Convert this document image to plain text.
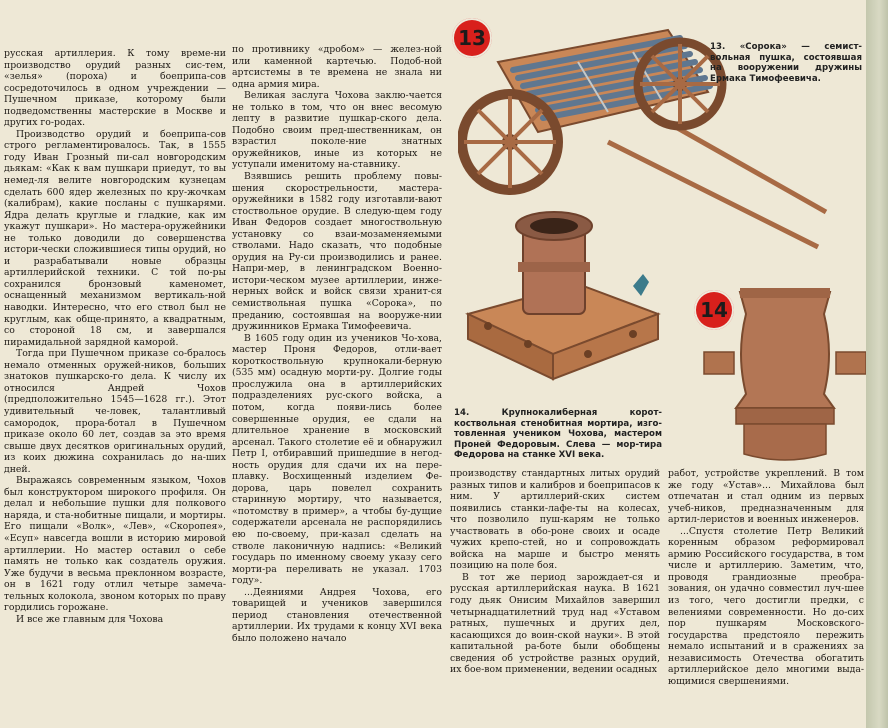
русская артиллерия. К тому време-ни производство орудий разных сис-тем, «зелья» (пороха) и боеприпа-сов сосредоточилось в одном учреждении — Пушечном приказе, которому были подведомственны мастерские в Москве и других го-родах.

Производство орудий и боеприпа-сов строго регламентировалось. Так, в 1555 году Иван Грозный пи-сал новгородским дьякам: «Как к вам пушкари приедут, то вы немед-ля велите новгородским кузнецам сделать 600 ядер железных по кру-жочкам (калибрам), какие посланы с пушкарями. Ядра делать круглые и гладкие, как им укажут пушкари». Но мастера-оружейники не только доводили до совершенства истори-чески сложившиеся типы орудий, но и разрабатывали новые образцы артиллерийской техники. С той по-ры сохранился бронзовый каменомет, оснащенный механизмом вертикаль-ной наводки. Интересно, что его ствол был не круглым, как обще-принято, а квадратным, со стороной 18 см, и завершался пирамидальной зарядной каморой.

Тогда при Пушечном приказе со-бралось немало отменных оружей-ников, больших знатоков пушкарско-го дела. К числу их относился Андрей Чохов (предположительно 1545—1628 гг.). Этот удивительный че-ловек, талантливый самородок, прора-ботал в Пушечном приказе около 60 лет, создав за это время свыше двух десятков оригинальных орудий, из коих дюжина сохранилась до на-ших дней.

Выражаясь современным языком, Чохов был конструктором широкого профиля. Он делал и небольшие пушки для полкового наряда, и ста-нобитные пищали, и мортиры. Его пищали «Волк», «Лев», «Скоропея», «Есуп» навсегда вошли в историю мировой артиллерии. Но мастер оставил о себе память не только как создатель оружия. Уже будучи в весьма преклонном возрасте, он в 1621 году отлил четыре замеча-тельных колокола, звоном которых по праву гордились горожане.

И все же главным для Чохова

по противнику «дробом» — желез-ной или каменной картечью. Подоб-ной артсистемы в те времена не знала ни одна армия мира.

Великая заслуга Чохова заклю-чается не только в том, что он внес весомую лепту в развитие пушкар-ского дела. Подобно своим пред-шественникам, он взрастил поколе-ние знатных оружейников, иные из которых не уступали именитому на-ставнику.

Взявшись решить проблему повы-шения скорострельности, мастера-оружейники в 1582 году изготавли-вают стоствольное орудие. В следую-щем году Иван Федоров создает многоствольную установку со взаи-мозаменяемыми стволами. Надо сказать, что подобные орудия на Ру-си производились и ранее. Напри-мер, в ленинградском Военно-истори-ческом музее артиллерии, инже-нерных войск и войск связи хранит-ся семиствольная пушка «Сорока», по преданию, состоявшая на вооруже-нии дружинников Ермака Тимофеевича.

В 1605 году один из учеников Чо-хова, мастер Проня Федоров, отли-вает короткоствольную крупнокали-берную (535 мм) осадную морти-ру. Долгие годы прослужила она в артиллерийских подразделениях рус-ского войска, а потом, когда появи-лись более совершенные орудия, ее сдали на длительное хранение в московский арсенал. Такого столетие её и обнаружил Петр I, отбиравший пришедшие в негод-ность орудия для сдачи их на пере-плавку. Восхищенный изделием Фе-дорова, царь повелел сохранить старинную мортиру, что называется, «потомству в пример», а чтобы бу-дущие содержатели арсенала не распорядились ею по-своему, при-казал сделать на стволе лаконичную надпись: «Великий государь по именному своему указу сего морти-ра переливать не указал. 1703 году».

...Деяниями Андрея Чохова, его товарищей и учеников завершился период становления отечественной артиллерии. Их трудами к концу XVI века было положено начало

производству стандартных литых орудий разных типов и калибров и боеприпасов к ним. У артиллерий-ских систем появились станки-лафе-ты на колесах, что позволило пуш-карям не только участвовать в обо-роне своих и осаде чужих крепо-стей, но и сопровождать войска на марше и быстро менять позицию на поле боя.

В тот же период зарождает-ся и русская артиллерийская наука. В 1621 году дьяк Онисим Михайлов завершил четырнадцатилетний труд над «Уставом ратных, пушечных и других дел, касающихся до воин-ской науки». В этой капитальной ра-боте были обобщены сведения об устройстве разных орудий, их бое-вом применении, ведении осадных

работ, устройстве укреплений. В том же году «Устав»... Михайлова был отпечатан и стал одним из первых учеб-ников, предназначенным для артил-леристов и военных инженеров.

...Спустя столетие Петр Великий коренным образом реформировал армию Российского государства, в том числе и артиллерию. Заметим, что, проводя грандиозные преобра-зования, он удачно совместил луч-шее из того, чего достигли предки, с велениями современности. Но до-сих пор пушкарям Московского-государства предстояло пережить немало испытаний и в сражениях за независимость Отечества обогатить артиллерийское дело многими выда-ющимися свершениями.

13
14
13. «Сорока» — семист-вольная пушка, состоявшая на вооружении дружины Ермака Тимофеевича.
14. Крупнокалиберная корот-коствольная стенобитная мортира, изго-товленная учеником Чохова, мастером Проней Федоровым. Слева — мор-тира Федорова на станке XVI века.
